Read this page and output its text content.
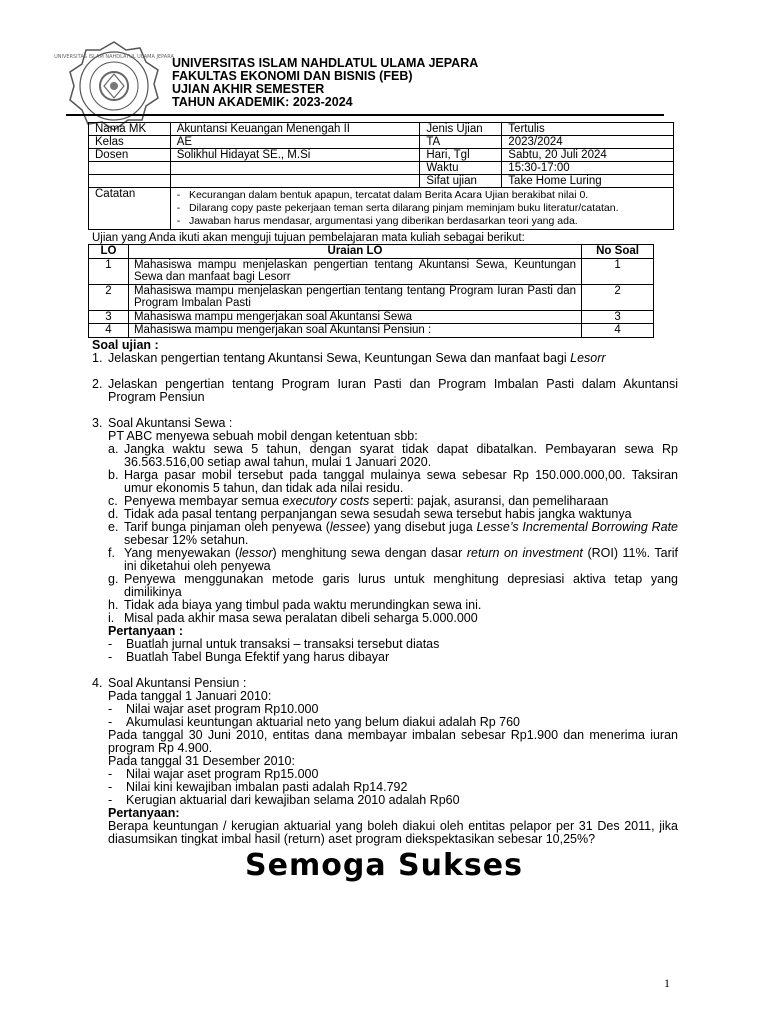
UNIVERSITAS ISLAM NAHDLATUL ULAMA JEPARA
UNIVERSITAS ISLAM NAHDLATUL ULAMA JEPARA
FAKULTAS EKONOMI DAN BISNIS (FEB)
UJIAN AKHIR SEMESTER
TAHUN AKADEMIK: 2023-2024
Nama MK	Akuntansi Keuangan Menengah II	Jenis Ujian	Tertulis
Kelas	AE	TA	2023/2024
Dosen	Solikhul Hidayat SE., M.Si	Hari, Tgl	Sabtu, 20 Juli 2024
		Waktu	15:30-17:00
		Sifat ujian	Take Home Luring
Catatan	-   Kecurangan dalam bentuk apapun, tercatat dalam Berita Acara Ujian berakibat nilai 0.
-   Dilarang copy paste pekerjaan teman serta dilarang pinjam meminjam buku literatur/catatan.
-   Jawaban harus mendasar, argumentasi yang diberikan berdasarkan teori yang ada.		
Ujian yang Anda ikuti akan menguji tujuan pembelajaran mata kuliah sebagai berikut:
LO	Uraian LO	No Soal
1	Mahasiswa mampu menjelaskan pengertian tentang Akuntansi Sewa, Keuntungan Sewa dan manfaat bagi Lesorr	1
2	Mahasiswa mampu menjelaskan pengertian tentang tentang Program Iuran Pasti dan Program Imbalan Pasti	2
3	Mahasiswa mampu mengerjakan soal Akuntansi Sewa	3
4	Mahasiswa mampu mengerjakan soal Akuntansi Pensiun :	4

Soal ujian :

1. Jelaskan pengertian tentang Akuntansi Sewa, Keuntungan Sewa dan manfaat bagi Lesorr
2. Jelaskan pengertian tentang Program Iuran Pasti dan Program Imbalan Pasti dalam Akuntansi Program Pensiun
3. Soal Akuntansi Sewa :
PT ABC menyewa sebuah mobil dengan ketentuan sbb:
a. Jangka waktu sewa 5 tahun, dengan syarat tidak dapat dibatalkan. Pembayaran sewa Rp 36.563.516,00 setiap awal tahun, mulai 1 Januari 2020.
b. Harga pasar mobil tersebut pada tanggal mulainya sewa sebesar Rp 150.000.000,00. Taksiran umur ekonomis 5 tahun, dan tidak ada nilai residu.
c. Penyewa membayar semua executory costs seperti: pajak, asuransi, dan pemeliharaan
d. Tidak ada pasal tentang perpanjangan sewa sesudah sewa tersebut habis jangka waktunya
e. Tarif bunga pinjaman oleh penyewa (lessee) yang disebut juga Lesse’s Incremental Borrowing Rate sebesar 12% setahun.
f. Yang menyewakan (lessor) menghitung sewa dengan dasar return on investment (ROI) 11%. Tarif ini diketahui oleh penyewa
g. Penyewa menggunakan metode garis lurus untuk menghitung depresiasi aktiva tetap yang dimilikinya
h. Tidak ada biaya yang timbul pada waktu merundingkan sewa ini.
i. Misal pada akhir masa sewa peralatan dibeli seharga 5.000.000
Pertanyaan :
-	Buatlah jurnal untuk transaksi – transaksi tersebut diatas
-	Buatlah Tabel Bunga Efektif yang harus dibayar
4. Soal Akuntansi Pensiun :
Pada tanggal 1 Januari 2010:
-	Nilai wajar aset program Rp10.000
-	Akumulasi keuntungan aktuarial neto yang belum diakui adalah Rp 760
Pada tanggal 30 Juni 2010, entitas dana membayar imbalan sebesar Rp1.900 dan menerima iuran program Rp 4.900.
Pada tanggal 31 Desember 2010:
-	Nilai wajar aset program Rp15.000
-	Nilai kini kewajiban imbalan pasti adalah Rp14.792
-	Kerugian aktuarial dari kewajiban selama 2010 adalah Rp60
Pertanyaan:
Berapa keuntungan / kerugian aktuarial yang boleh diakui oleh entitas pelapor per 31 Des 2011, jika diasumsikan tingkat imbal hasil (return) aset program diekspektasikan sebesar 10,25%?
Semoga Sukses
1
